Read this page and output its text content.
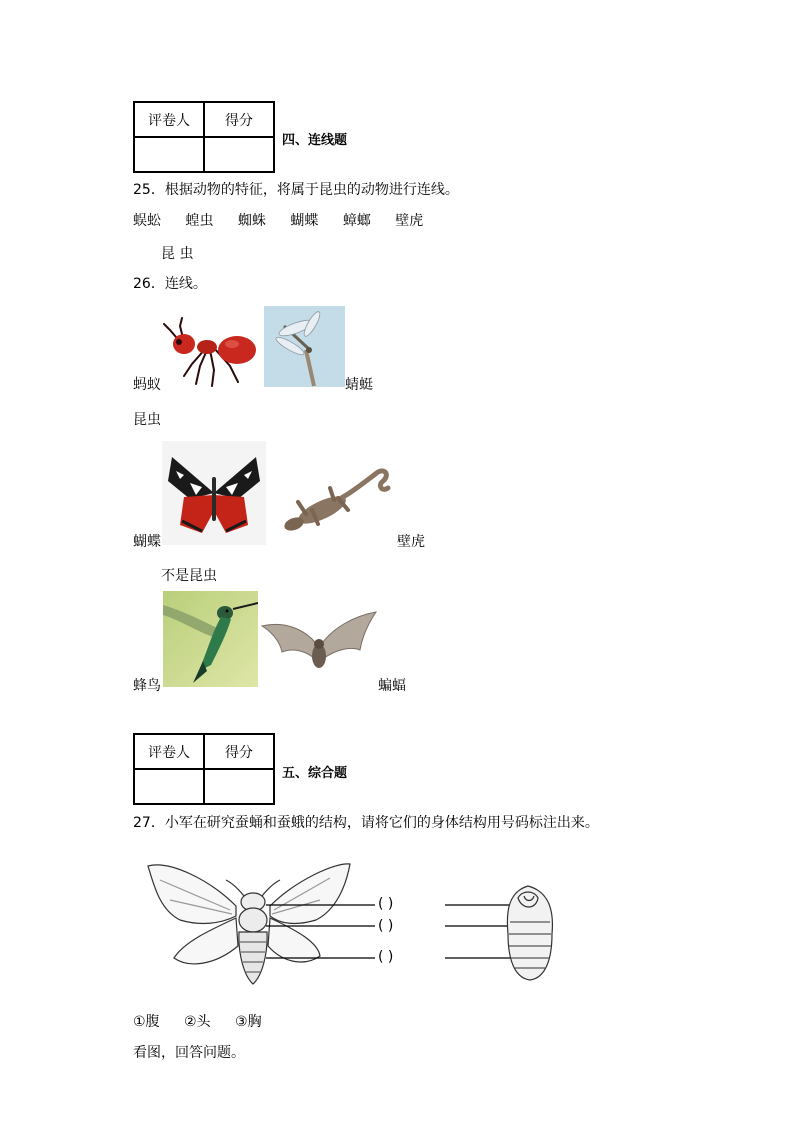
评卷人	得分

四、连线题
25．根据动物的特征，将属于昆虫的动物进行连线。
蜈蚣 蝗虫 蜘蛛 蝴蝶 蟑螂 壁虎
昆 虫
26．连线。
蚂蚁	蜻蜓
昆虫
蝴蝶	壁虎
不是昆虫
蜂鸟	蝙蝠
评卷人	得分

五、综合题
27．小军在研究蚕蛹和蚕蛾的结构，请将它们的身体结构用号码标注出来。
( )
( )
( )
①腹 ②头 ③胸
看图，回答问题。
